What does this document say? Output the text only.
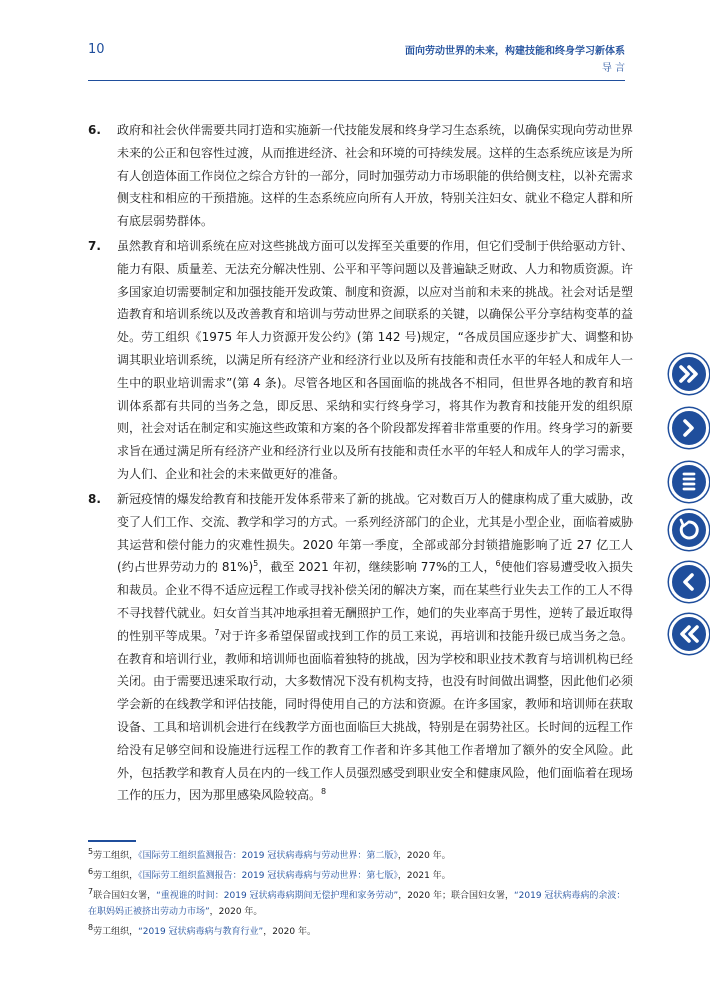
10	面向劳动世界的未来，构建技能和终身学习新体系
导 言
6. 政府和社会伙伴需要共同打造和实施新一代技能发展和终身学习生态系统，以确保实现向劳动世界未来的公正和包容性过渡，从而推进经济、社会和环境的可持续发展。这样的生态系统应该是为所有人创造体面工作岗位之综合方针的一部分，同时加强劳动力市场职能的供给侧支柱，以补充需求侧支柱和相应的干预措施。这样的生态系统应向所有人开放，特别关注妇女、就业不稳定人群和所有底层弱势群体。
7. 虽然教育和培训系统在应对这些挑战方面可以发挥至关重要的作用，但它们受制于供给驱动方针、能力有限、质量差、无法充分解决性别、公平和平等问题以及普遍缺乏财政、人力和物质资源。许多国家迫切需要制定和加强技能开发政策、制度和资源，以应对当前和未来的挑战。社会对话是塑造教育和培训系统以及改善教育和培训与劳动世界之间联系的关键，以确保公平分享结构变革的益处。劳工组织《1975 年人力资源开发公约》(第 142 号)规定，“各成员国应逐步扩大、调整和协调其职业培训系统，以满足所有经济产业和经济行业以及所有技能和责任水平的年轻人和成年人一生中的职业培训需求”(第 4 条)。尽管各地区和各国面临的挑战各不相同，但世界各地的教育和培训体系都有共同的当务之急，即反思、采纳和实行终身学习，将其作为教育和技能开发的组织原则，社会对话在制定和实施这些政策和方案的各个阶段都发挥着非常重要的作用。终身学习的新要求旨在通过满足所有经济产业和经济行业以及所有技能和责任水平的年轻人和成年人的学习需求，为人们、企业和社会的未来做更好的准备。
8. 新冠疫情的爆发给教育和技能开发体系带来了新的挑战。它对数百万人的健康构成了重大威胁，改变了人们工作、交流、教学和学习的方式。一系列经济部门的企业，尤其是小型企业，面临着威胁其运营和偿付能力的灾难性损失。2020 年第一季度，全部或部分封锁措施影响了近 27 亿工人(约占世界劳动力的 81%)$^5$，截至 2021 年初，继续影响 77%的工人，$^6$使他们容易遭受收入损失和裁员。企业不得不适应远程工作或寻找补偿关闭的解决方案，而在某些行业失去工作的工人不得不寻找替代就业。妇女首当其冲地承担着无酬照护工作，她们的失业率高于男性，逆转了最近取得的性别平等成果。$^7$对于许多希望保留或找到工作的员工来说，再培训和技能升级已成当务之急。在教育和培训行业，教师和培训师也面临着独特的挑战，因为学校和职业技术教育与培训机构已经关闭。由于需要迅速采取行动，大多数情况下没有机构支持，也没有时间做出调整，因此他们必须学会新的在线教学和评估技能，同时得使用自己的方法和资源。在许多国家，教师和培训师在获取设备、工具和培训机会进行在线教学方面也面临巨大挑战，特别是在弱势社区。长时间的远程工作给没有足够空间和设施进行远程工作的教育工作者和许多其他工作者增加了额外的安全风险。此外，包括教学和教育人员在内的一线工作人员强烈感受到职业安全和健康风险，他们面临着在现场工作的压力，因为那里感染风险较高。$^8$
$^5$劳工组织，《国际劳工组织监测报告：2019 冠状病毒病与劳动世界：第二版》，2020 年。
$^6$劳工组织，《国际劳工组织监测报告：2019 冠状病毒病与劳动世界：第七版》，2021 年。
$^7$联合国妇女署，“重视谁的时间：2019 冠状病毒病期间无偿护理和家务劳动”，2020 年；联合国妇女署，“2019 冠状病毒病的余波：在职妈妈正被挤出劳动力市场”，2020 年。
$^8$劳工组织，“2019 冠状病毒病与教育行业”，2020 年。
